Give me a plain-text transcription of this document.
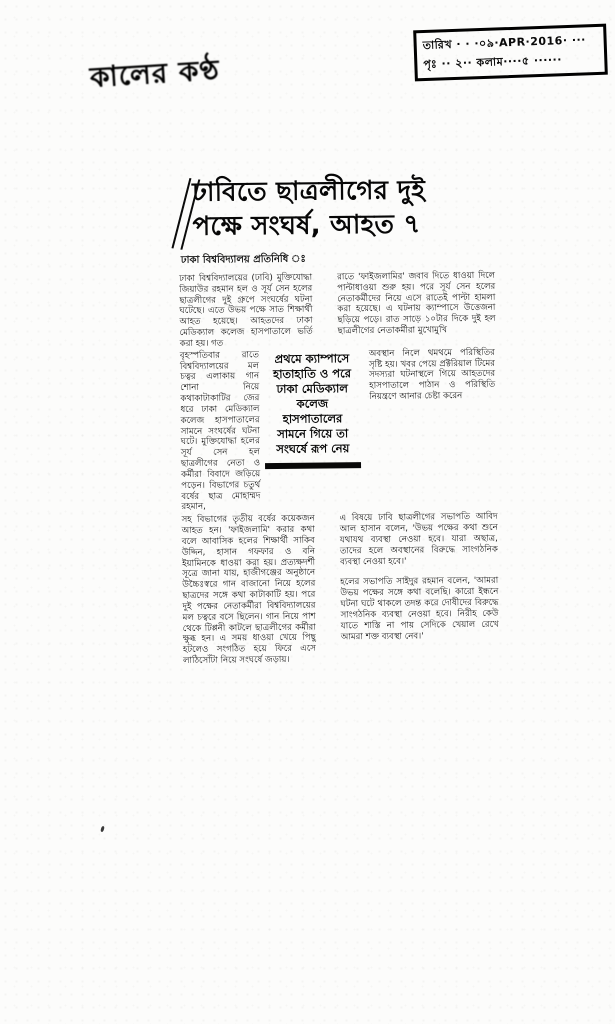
কালের কণ্ঠ
তারিখ · · ·০৯·APR·2016· ···
পৃঃ ·· ২·· কলাম····৫ ······
ঢাবিতে ছাত্রলীগের দুই
পক্ষে সংঘর্ষ, আহত ৭
ঢাকা বিশ্ববিদ্যালয় প্রতিনিধি ঃ

ঢাকা বিশ্ববিদ্যালয়ের (ঢাবি) মুক্তিযোদ্ধা জিয়াউর রহমান হল ও সূর্য সেন হলের ছাত্রলীগের দুই গ্রুপে সংঘর্ষের ঘটনা ঘটেছে। এতে উভয় পক্ষে সাত শিক্ষার্থী আহত হয়েছে। আহতদের ঢাকা মেডিক্যাল কলেজ হাসপাতালে ভর্তি করা হয়। গত

রাতে 'ফাইজলামির' জবাব দিতে ধাওয়া দিলে পাল্টাধাওয়া শুরু হয়। পরে সূর্য সেন হলের নেতাকর্মীদের নিয়ে এসে রাতেই পাল্টা হামলা করা হয়েছে। এ ঘটনায় ক্যাম্পাসে উত্তেজনা ছড়িয়ে পড়ে। রাত সাড়ে ১০টার দিকে দুই হল ছাত্রলীগের নেতাকর্মীরা মুখোমুখি

বৃহস্পতিবার রাতে বিশ্ববিদ্যালয়ের মল চত্বর এলাকায় গান শোনা নিয়ে কথাকাটাকাটির জের ধরে ঢাকা মেডিক্যাল কলেজ হাসপাতালের সামনে সংঘর্ষের ঘটনা ঘটে। মুক্তিযোদ্ধা হলের সূর্য সেন হল ছাত্রলীগের নেতা ও কর্মীরা বিবাদে জড়িয়ে পড়েন। বিভাগের চতুর্থ বর্ষের ছাত্র মোহাম্মদ রহমান,

প্রথমে ক্যাম্পাসে
হাতাহাতি ও পরে
ঢাকা মেডিক্যাল
কলেজ
হাসপাতালের
সামনে গিয়ে তা
সংঘর্ষে রূপ নেয়

অবস্থান নিলে থমথমে পরিস্থিতির সৃষ্টি হয়। খবর পেয়ে প্রক্টরিয়াল টিমের সদস্যরা ঘটনাস্থলে গিয়ে আহতদের হাসপাতালে পাঠান ও পরিস্থিতি নিয়ন্ত্রণে আনার চেষ্টা করেন

সহ বিভাগের তৃতীয় বর্ষের কয়েকজন আহত হন। 'ফাইজলামি' করার কথা বলে আবাসিক হলের শিক্ষার্থী সাকিব উদ্দিন, হাসান গফফার ও বনি ইয়ামিনকে ধাওয়া করা হয়। প্রত্যক্ষদর্শী সূত্রে জানা যায়, হাজীগঞ্জের অনুষ্ঠানে উচ্চৈঃস্বরে গান বাজানো নিয়ে হলের ছাত্রদের সঙ্গে কথা কাটাকাটি হয়। পরে দুই পক্ষের নেতাকর্মীরা বিশ্ববিদ্যালয়ের মল চত্বরে বসে ছিলেন। গান নিয়ে পাশ থেকে টিপ্পনী কাটলে ছাত্রলীগের কর্মীরা ক্ষুব্ধ হন। এ সময় ধাওয়া খেয়ে পিছু হটলেও সংগঠিত হয়ে ফিরে এসে লাঠিসোঁটা নিয়ে সংঘর্ষে জড়ায়।

এ বিষয়ে ঢাবি ছাত্রলীগের সভাপতি আবিদ আল হাসান বলেন, 'উভয় পক্ষের কথা শুনে যথাযথ ব্যবস্থা নেওয়া হবে। যারা অছাত্র, তাদের হলে অবস্থানের বিরুদ্ধে সাংগঠনিক ব্যবস্থা নেওয়া হবে।'

হলের সভাপতি সাইদুর রহমান বলেন, 'আমরা উভয় পক্ষের সঙ্গে কথা বলেছি। কারো ইন্ধনে ঘটনা ঘটে থাকলে তদন্ত করে দোষীদের বিরুদ্ধে সাংগঠনিক ব্যবস্থা নেওয়া হবে। নিরীহ কেউ যাতে শাস্তি না পায় সেদিকে খেয়াল রেখে আমরা শক্ত ব্যবস্থা নেব।'
